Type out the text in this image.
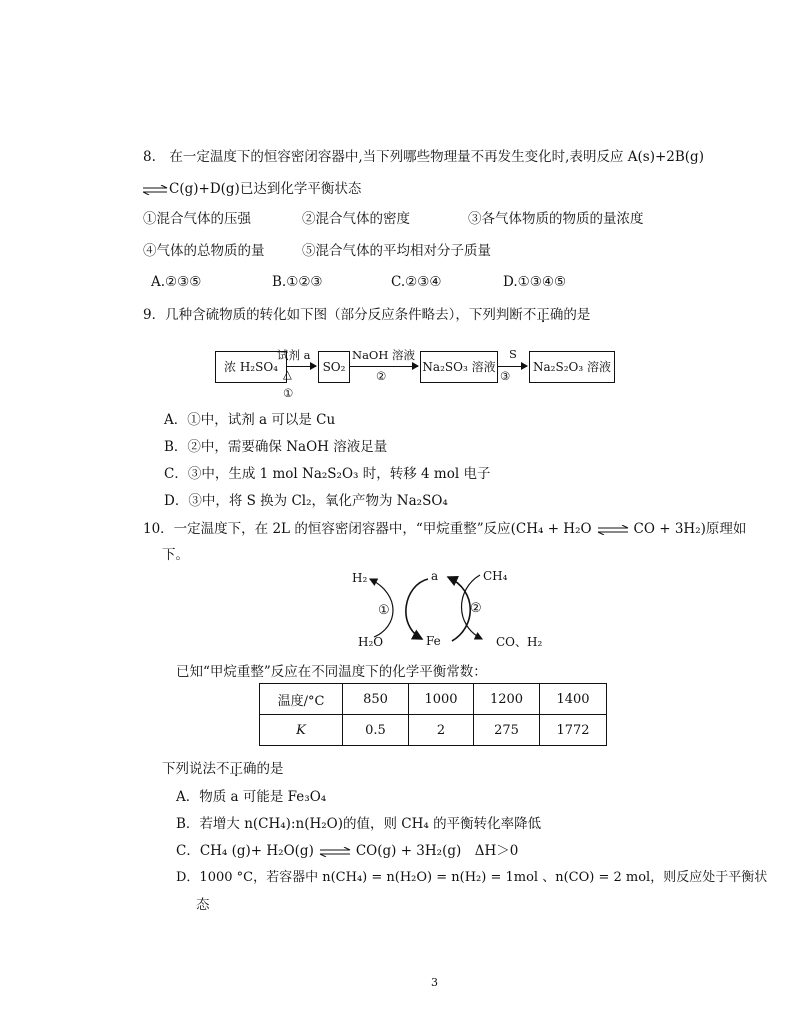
8.　在一定温度下的恒容密闭容器中,当下列哪些物理量不再发生变化时,表明反应 A(s)+2B(g)
⇌C(g)+D(g)已达到化学平衡状态
①混合气体的压强	②混合气体的密度	③各气体物质的物质的量浓度
④气体的总物质的量	⑤混合气体的平均相对分子质量
A.②③⑤	B.①②③	C.②③④	D.①③④⑤
9．几种含硫物质的转化如下图（部分反应条件略去），下列判断不正确的是
浓 H₂SO₄	SO₂	Na₂SO₃ 溶液	Na₂S₂O₃ 溶液
试剂 a
△
①
NaOH 溶液
②
S
③
A．①中，试剂 a 可以是 Cu
B．②中，需要确保 NaOH 溶液足量
C．③中，生成 1 mol Na₂S₂O₃ 时，转移 4 mol 电子
D．③中，将 S 换为 Cl₂，氧化产物为 Na₂SO₄
10．一定温度下，在 2L 的恒容密闭容器中，“甲烷重整”反应(CH₄ + H₂O ⇌ CO + 3H₂)原理如
下。
H₂	a	CH₄
①	②
H₂O	Fe	CO、H₂
已知“甲烷重整”反应在不同温度下的化学平衡常数：
温度/°C	850	1000	1200	1400
K	0.5	2	275	1772
下列说法不正确的是
A．物质 a 可能是 Fe₃O₄
B．若增大 n(CH₄):n(H₂O)的值，则 CH₄ 的平衡转化率降低
C．CH₄ (g)+ H₂O(g) ⇌ CO(g) + 3H₂(g)　ΔH＞0
D．1000 °C，若容器中 n(CH₄) = n(H₂O) = n(H₂) = 1mol 、n(CO) = 2 mol，则反应处于平衡状
态
3
